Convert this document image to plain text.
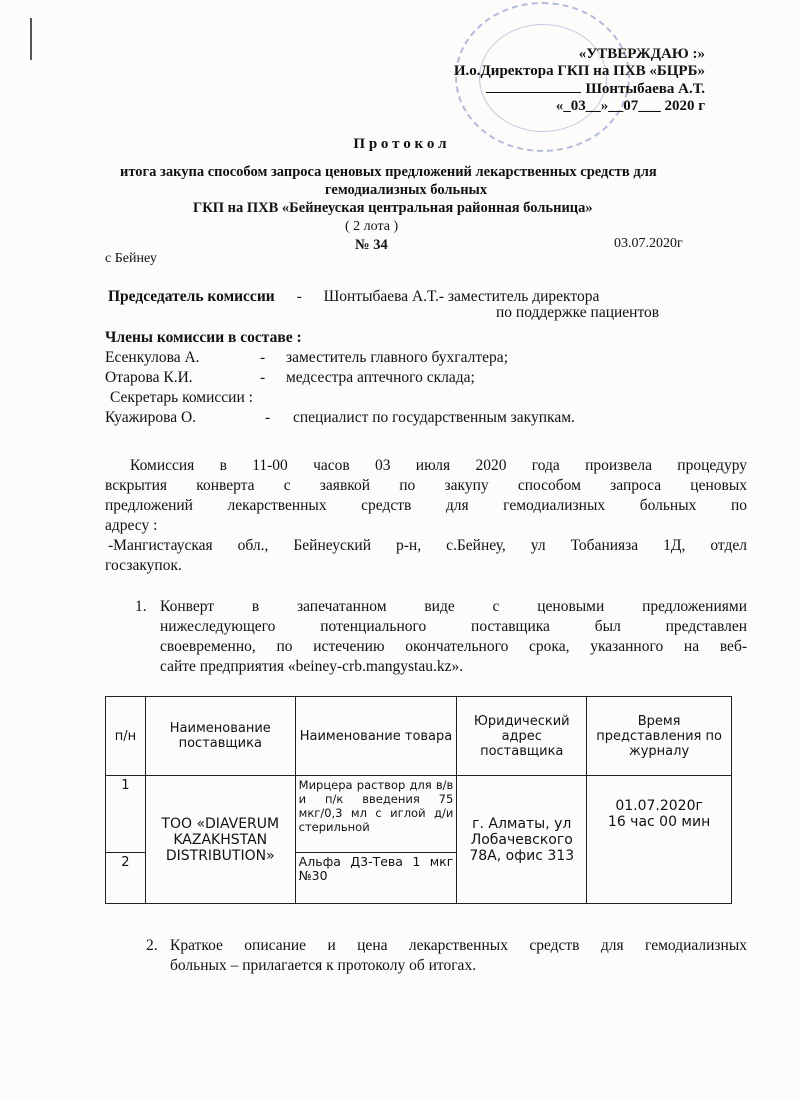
«УТВЕРЖДАЮ :»
И.о.Директора ГКП на ПХВ «БЦРБ»
Шонтыбаева А.Т.
«_03__»__07___ 2020 г
П р о т о к о л
итога закупа способом запроса ценовых предложений лекарственных средств для
гемодиализных больных
ГКП на ПХВ «Бейнеуская центральная районная больница»
( 2 лота )
03.07.2020г
№ 34
с Бейнеу
Председатель комиссии - Шонтыбаева А.Т.- заместитель директора
по поддержке пациентов
Члены комиссии в составе :
Есенкулова А.	- заместитель главного бухгалтера;
Отарова К.И.	- медсестра аптечного склада;
Секретарь комиссии :
Куажирова О.	- специалист по государственным закупкам.
Комиссия в 11-00 часов 03 июля 2020 года произвела процедуру
вскрытия конверта с заявкой по закупу способом запроса ценовых
предложений лекарственных средств для гемодиализных больных по
адресу :
-Мангистауская обл., Бейнеуский р-н, с.Бейнеу, ул Тобанияза 1Д, отдел
госзакупок.
1. Конверт в запечатанном виде с ценовыми предложениями
нижеследующего потенциального поставщика был представлен
своевременно, по истечению окончательного срока, указанного на веб-
сайте предприятия «beiney-crb.mangystau.kz».
п/н	Наименование поставщика	Наименование товара	Юридический адрес поставщика	Время представления по журналу
1	ТОО «DIAVERUM KAZAKHSTAN DISTRIBUTION»	Мирцера раствор для в/в и п/к введения 75 мкг/0,3 мл с иглой д/и стерильной	г. Алматы, ул Лобачевского 78А, офис 313	01.07.2020г
16 час 00 мин

2		Альфа Д3-Тева 1 мкг №30		
2. Краткое описание и цена лекарственных средств для гемодиализных
больных – прилагается к протоколу об итогах.
